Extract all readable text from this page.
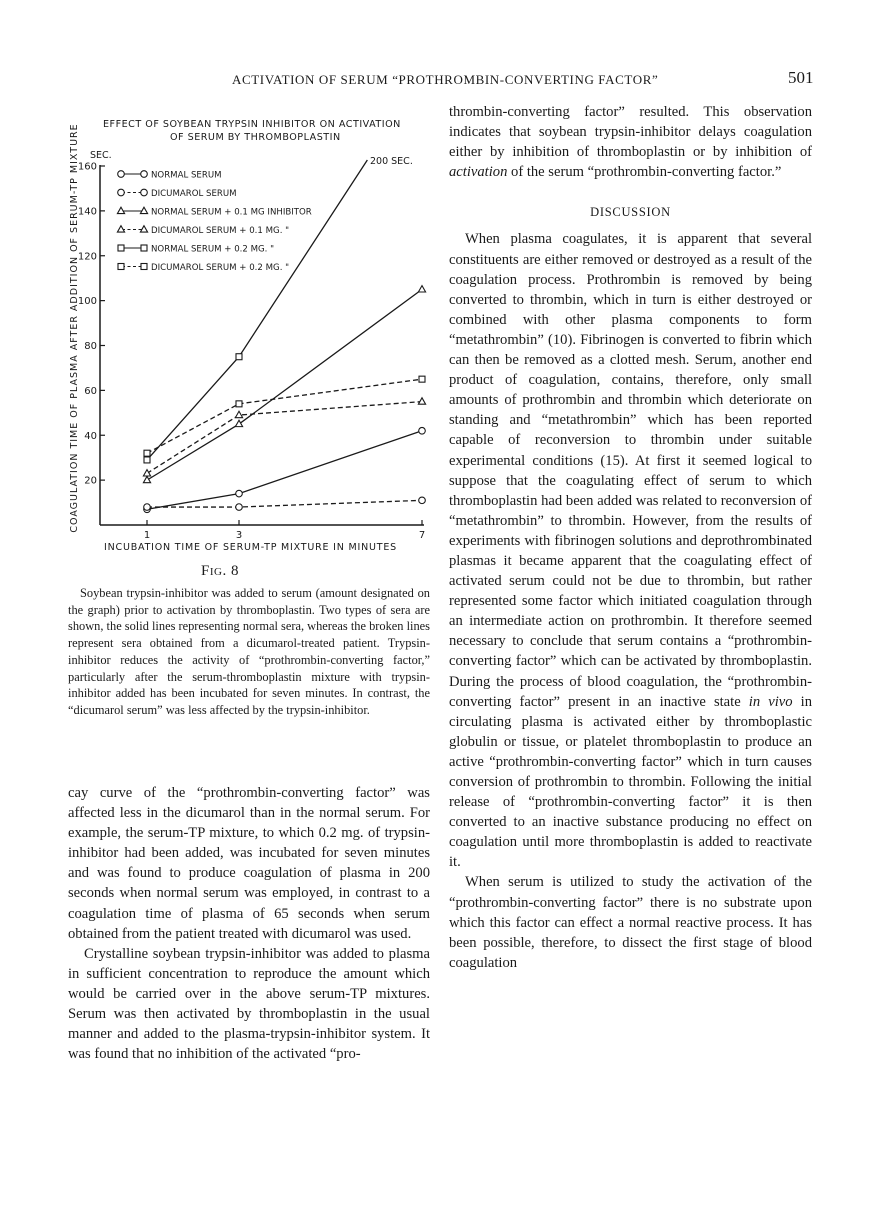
ACTIVATION OF SERUM “PROTHROMBIN-CONVERTING FACTOR”	501
COAGULATION TIME OF PLASMA AFTER ADDITION OF SERUM-TP MIXTURE EFFECT OF SOYBEAN TRYPSIN INHIBITOR ON ACTIVATION
OF SERUM BY THROMBOPLASTIN
SEC.
20
40
60
80
100
120
140
160
1	3	7
INCUBATION TIME OF SERUM-TP MIXTURE IN MINUTES
200 SEC.
NORMAL SERUM
DICUMAROL SERUM
NORMAL SERUM + 0.1 MG INHIBITOR
DICUMAROL SERUM + 0.1 MG. "
NORMAL SERUM + 0.2 MG. "
DICUMAROL SERUM + 0.2 MG. "
Fig. 8
Soybean trypsin-inhibitor was added to serum (amount designated on the graph) prior to activation by thromboplastin. Two types of sera are shown, the solid lines representing normal sera, whereas the broken lines represent sera obtained from a dicumarol-treated patient. Trypsin-inhibitor reduces the activity of “prothrombin-converting factor,” particularly after the serum-thromboplastin mixture with trypsin-inhibitor added has been incubated for seven minutes. In contrast, the “dicumarol serum” was less affected by the trypsin-inhibitor.

cay curve of the “prothrombin-converting factor” was affected less in the dicumarol than in the normal serum. For example, the serum-TP mixture, to which 0.2 mg. of trypsin-inhibitor had been added, was incubated for seven minutes and was found to produce coagulation of plasma in 200 seconds when normal serum was employed, in contrast to a coagulation time of plasma of 65 seconds when serum obtained from the patient treated with dicumarol was used.

Crystalline soybean trypsin-inhibitor was added to plasma in sufficient concentration to reproduce the amount which would be carried over in the above serum-TP mixtures. Serum was then activated by thromboplastin in the usual manner and added to the plasma-trypsin-inhibitor system. It was found that no inhibition of the activated “pro-

thrombin-converting factor” resulted. This observation indicates that soybean trypsin-inhibitor delays coagulation either by inhibition of thromboplastin or by inhibition of activation of the serum “prothrombin-converting factor.”

DISCUSSION

When plasma coagulates, it is apparent that several constituents are either removed or destroyed as a result of the coagulation process. Prothrombin is removed by being converted to thrombin, which in turn is either destroyed or combined with other plasma components to form “metathrombin” (10). Fibrinogen is converted to fibrin which can then be removed as a clotted mesh. Serum, another end product of coagulation, contains, therefore, only small amounts of prothrombin and thrombin which deteriorate on standing and “metathrombin” which has been reported capable of reconversion to thrombin under suitable experimental conditions (15). At first it seemed logical to suppose that the coagulating effect of serum to which thromboplastin had been added was related to reconversion of “metathrombin” to thrombin. However, from the results of experiments with fibrinogen solutions and deprothrombinated plasmas it became apparent that the coagulating effect of activated serum could not be due to thrombin, but rather represented some factor which initiated coagulation through an intermediate action on prothrombin. It therefore seemed necessary to conclude that serum contains a “prothrombin-converting factor” which can be activated by thromboplastin. During the process of blood coagulation, the “prothrombin-converting factor” present in an inactive state in vivo in circulating plasma is activated either by thromboplastic globulin or tissue, or platelet thromboplastin to produce an active “prothrombin-converting factor” which in turn causes conversion of prothrombin to thrombin. Following the initial release of “prothrombin-converting factor” it is then converted to an inactive substance producing no effect on coagulation until more thromboplastin is added to reactivate it.

When serum is utilized to study the activation of the “prothrombin-converting factor” there is no substrate upon which this factor can effect a normal reactive process. It has been possible, therefore, to dissect the first stage of blood coagulation
